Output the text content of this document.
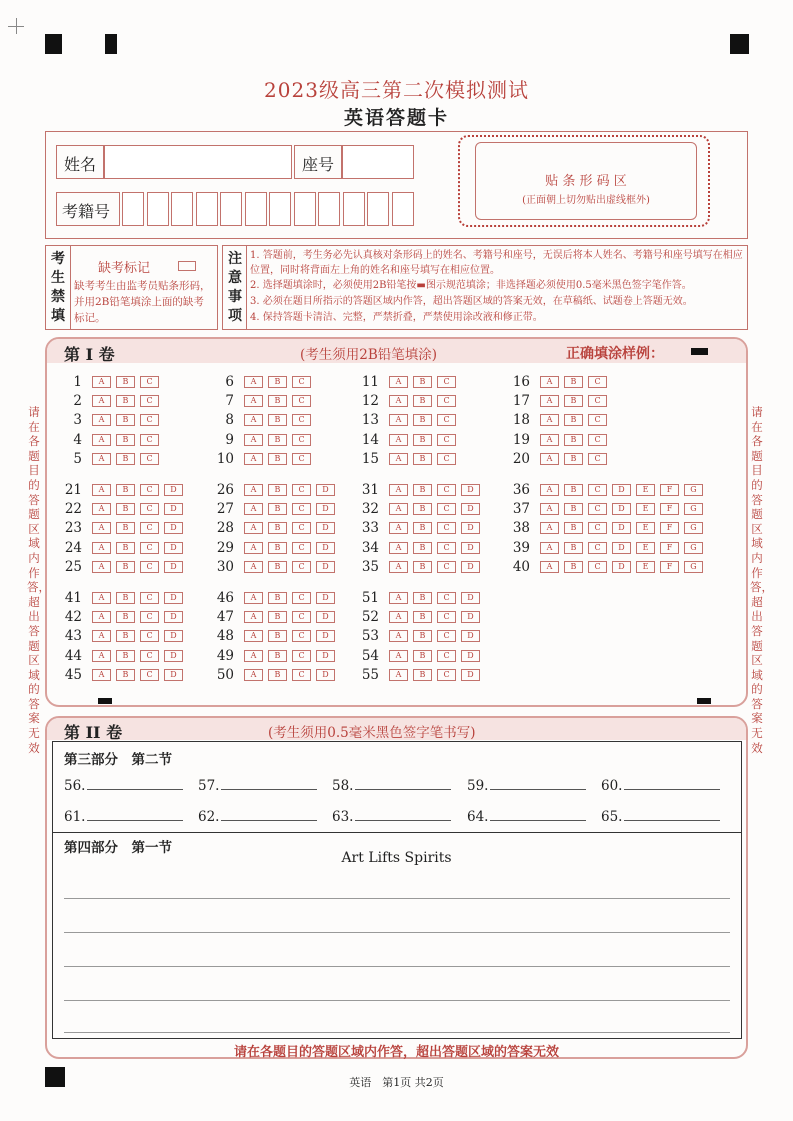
2023级高三第二次模拟测试
英语答题卡
姓名	座号
考籍号
贴 条 形 码 区
(正面朝上切勿贴出虚线框外)
考生禁填
缺考标记
缺考考生由监考员贴条形码，并用2B铅笔填涂上面的缺考标记。
注意事项
1. 答题前，考生务必先认真核对条形码上的姓名、考籍号和座号，无误后将本人姓名、考籍号和座号填写在相应位置，同时将背面左上角的姓名和座号填写在相应位置。
2. 选择题填涂时，必须使用2B铅笔按▬图示规范填涂；非选择题必须使用0.5毫米黑色签字笔作答。
3. 必须在题目所指示的答题区域内作答，超出答题区域的答案无效，在草稿纸、试题卷上答题无效。
4. 保持答题卡清洁、完整，严禁折叠，严禁使用涂改液和修正带。
第 I 卷	(考生须用2B铅笔填涂)	正确填涂样例：
1	A	B	C
2	A	B	C
3	A	B	C
4	A	B	C
5	A	B	C
6	A	B	C
7	A	B	C
8	A	B	C
9	A	B	C
10	A	B	C
11	A	B	C
12	A	B	C
13	A	B	C
14	A	B	C
15	A	B	C
16	A	B	C
17	A	B	C
18	A	B	C
19	A	B	C
20	A	B	C
21	A	B	C	D
22	A	B	C	D
23	A	B	C	D
24	A	B	C	D
25	A	B	C	D
26	A	B	C	D
27	A	B	C	D
28	A	B	C	D
29	A	B	C	D
30	A	B	C	D
31	A	B	C	D
32	A	B	C	D
33	A	B	C	D
34	A	B	C	D
35	A	B	C	D
36	A	B	C	D	E	F	G
37	A	B	C	D	E	F	G
38	A	B	C	D	E	F	G
39	A	B	C	D	E	F	G
40	A	B	C	D	E	F	G
41	A	B	C	D
42	A	B	C	D
43	A	B	C	D
44	A	B	C	D
45	A	B	C	D
46	A	B	C	D
47	A	B	C	D
48	A	B	C	D
49	A	B	C	D
50	A	B	C	D
51	A	B	C	D
52	A	B	C	D
53	A	B	C	D
54	A	B	C	D
55	A	B	C	D
请在各题目的答题区域内作答，超出答题区域的答案无效
请在各题目的答题区域内作答，超出答题区域的答案无效
第 II 卷	(考生须用0.5毫米黑色签字笔书写)
第三部分　第二节
56.	57.	58.	59.	60.
61.	62.	63.	64.	65.
第四部分　第一节
Art Lifts Spirits
请在各题目的答题区域内作答，超出答题区域的答案无效
英语　第1页 共2页
